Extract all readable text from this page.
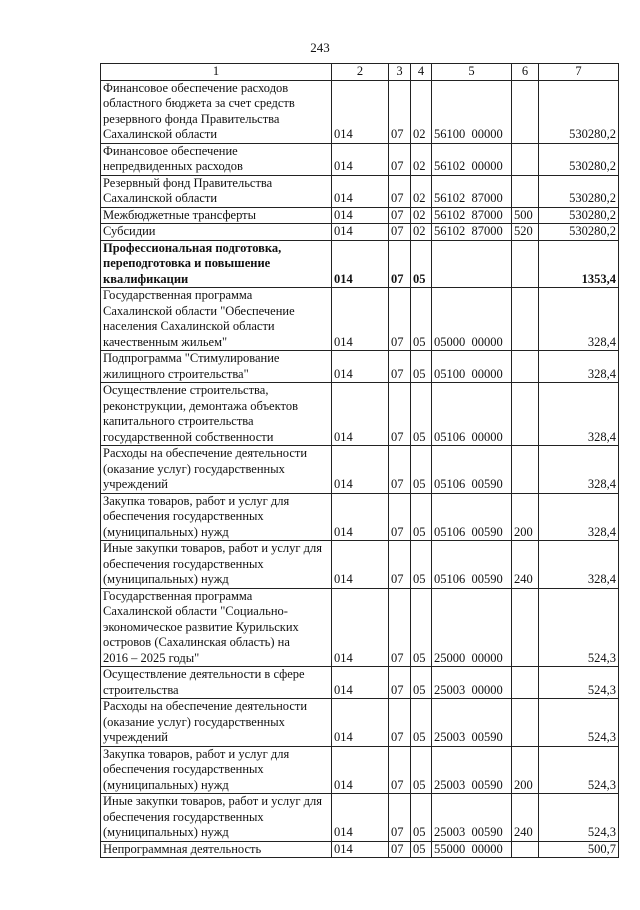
243
1	2	3	4	5	6	7
Финансовое обеспечение расходов
областного бюджета за счет средств
резервного фонда Правительства
Сахалинской области	014	07	02	56100  00000		530280,2
Финансовое обеспечение
непредвиденных расходов	014	07	02	56102  00000		530280,2
Резервный фонд Правительства
Сахалинской области	014	07	02	56102  87000		530280,2
Межбюджетные трансферты	014	07	02	56102  87000	500	530280,2
Субсидии	014	07	02	56102  87000	520	530280,2
Профессиональная подготовка,
переподготовка и повышение
квалификации	014	07	05			1353,4
Государственная программа
Сахалинской области "Обеспечение
населения Сахалинской области
качественным жильем"	014	07	05	05000  00000		328,4
Подпрограмма "Стимулирование
жилищного строительства"	014	07	05	05100  00000		328,4
Осуществление строительства,
реконструкции, демонтажа объектов
капитального строительства
государственной собственности	014	07	05	05106  00000		328,4
Расходы на обеспечение деятельности
(оказание услуг) государственных
учреждений	014	07	05	05106  00590		328,4
Закупка товаров, работ и услуг для
обеспечения государственных
(муниципальных) нужд	014	07	05	05106  00590	200	328,4
Иные закупки товаров, работ и услуг для
обеспечения государственных
(муниципальных) нужд	014	07	05	05106  00590	240	328,4
Государственная программа
Сахалинской области "Социально-
экономическое развитие Курильских
островов (Сахалинская область) на
2016 – 2025 годы"	014	07	05	25000  00000		524,3
Осуществление деятельности в сфере
строительства	014	07	05	25003  00000		524,3
Расходы на обеспечение деятельности
(оказание услуг) государственных
учреждений	014	07	05	25003  00590		524,3
Закупка товаров, работ и услуг для
обеспечения государственных
(муниципальных) нужд	014	07	05	25003  00590	200	524,3
Иные закупки товаров, работ и услуг для
обеспечения государственных
(муниципальных) нужд	014	07	05	25003  00590	240	524,3
Непрограммная деятельность	014	07	05	55000  00000		500,7
